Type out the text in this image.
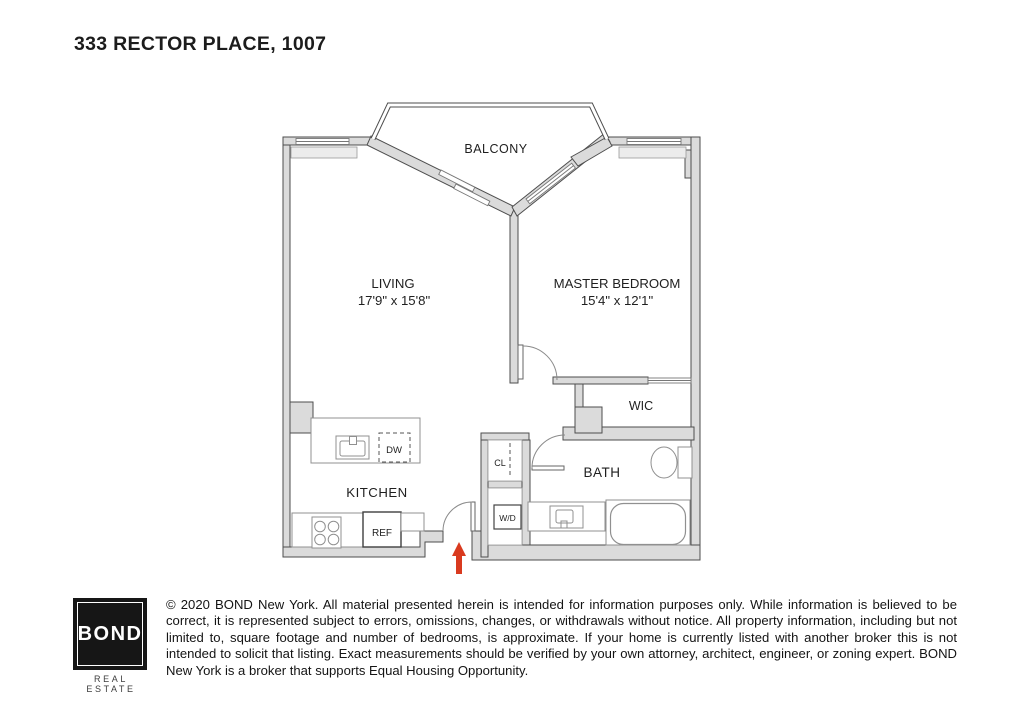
333 RECTOR PLACE, 1007
BALCONY
LIVING
17'9" x 15'8"
MASTER BEDROOM
15'4" x 12'1"
WIC
BATH
KITCHEN
DW
REF
CL
W/D
BOND
REAL ESTATE
© 2020 BOND New York. All material presented herein is intended for information purposes only. While information is believed to be correct, it is represented subject to errors, omissions, changes, or withdrawals without notice. All property information, including but not limited to, square footage and number of bedrooms, is approximate. If your home is currently listed with another broker this is not intended to solicit that listing. Exact measurements should be verified by your own attorney, architect, engineer, or zoning expert. BOND New York is a broker that supports Equal Housing Opportunity.
